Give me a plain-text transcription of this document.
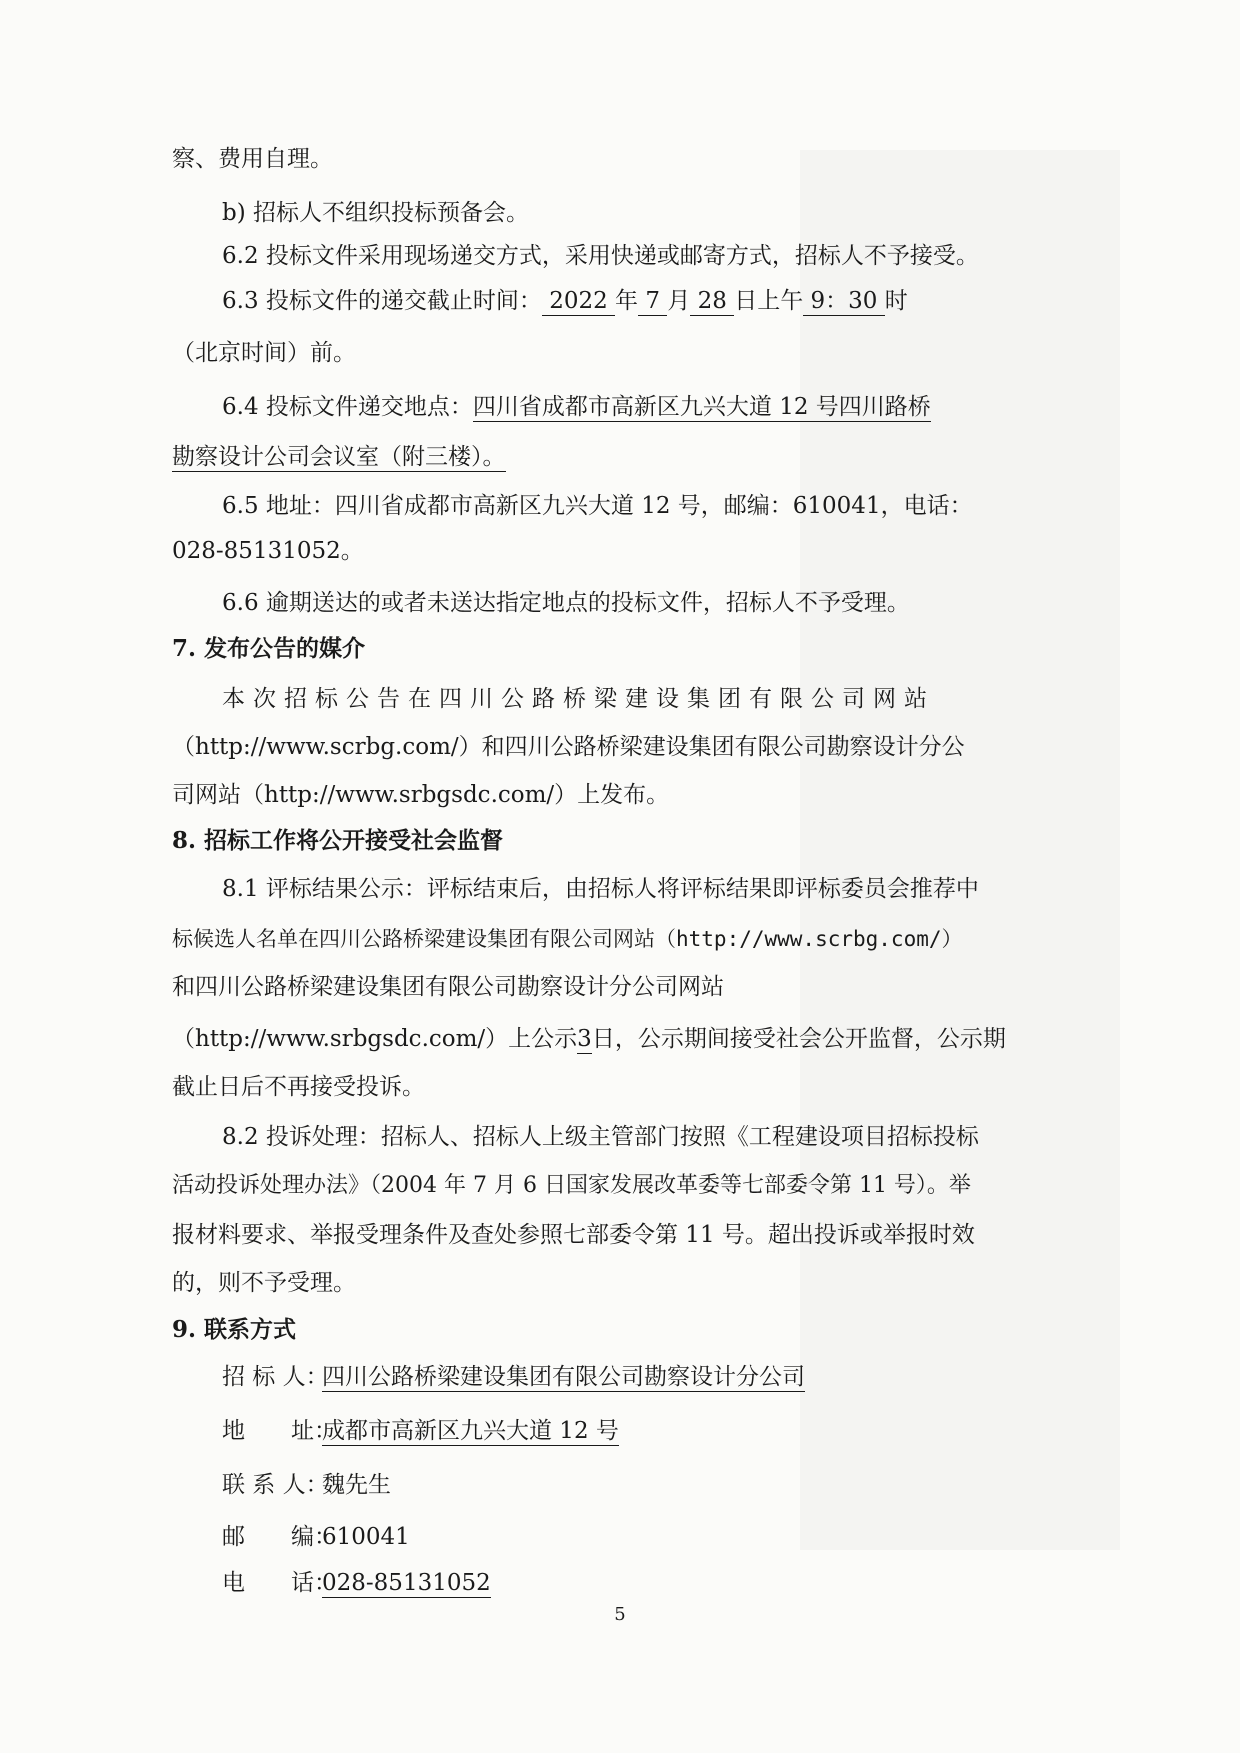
察、费用自理。
b) 招标人不组织投标预备会。
6.2 投标文件采用现场递交方式，采用快递或邮寄方式，招标人不予接受。
6.3 投标文件的递交截止时间： 2022 年 7 月 28 日上午 9：30 时
（北京时间）前。
6.4 投标文件递交地点：四川省成都市高新区九兴大道 12 号四川路桥
勘察设计公司会议室（附三楼）。
6.5 地址：四川省成都市高新区九兴大道 12 号，邮编：610041，电话：
028-85131052。
6.6 逾期送达的或者未送达指定地点的投标文件，招标人不予受理。
7. 发布公告的媒介
本次招标公告在四川公路桥梁建设集团有限公司网站
（http://www.scrbg.com/）和四川公路桥梁建设集团有限公司勘察设计分公
司网站（http://www.srbgsdc.com/）上发布。
8. 招标工作将公开接受社会监督
8.1 评标结果公示：评标结束后，由招标人将评标结果即评标委员会推荐中
标候选人名单在四川公路桥梁建设集团有限公司网站（http://www.scrbg.com/）
和四川公路桥梁建设集团有限公司勘察设计分公司网站
（http://www.srbgsdc.com/）上公示3日，公示期间接受社会公开监督，公示期
截止日后不再接受投诉。
8.2 投诉处理：招标人、招标人上级主管部门按照《工程建设项目招标投标
活动投诉处理办法》（2004 年 7 月 6 日国家发展改革委等七部委令第 11 号）。举
报材料要求、举报受理条件及查处参照七部委令第 11 号。超出投诉或举报时效
的，则不予受理。
9. 联系方式
招 标 人：四川公路桥梁建设集团有限公司勘察设计分公司
地　　址：成都市高新区九兴大道 12 号
联 系 人：魏先生
邮　　编：610041
电　　话：028-85131052
5
